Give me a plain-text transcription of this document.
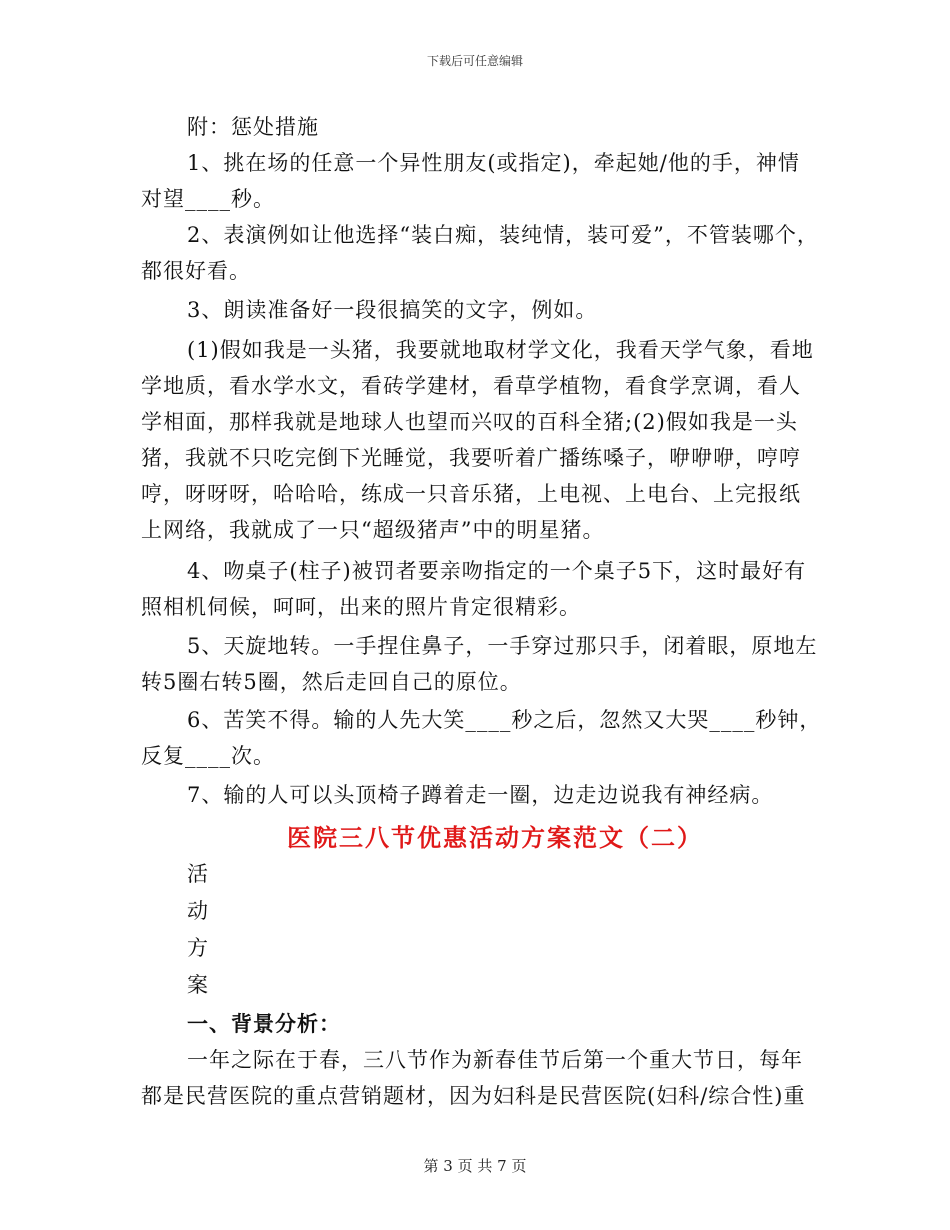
下载后可任意编辑

附：惩处措施

1、挑在场的任意一个异性朋友(或指定)，牵起她/他的手，神情

对望____秒。

2、表演例如让他选择“装白痴，装纯情，装可爱”，不管装哪个，

都很好看。

3、朗读准备好一段很搞笑的文字，例如。

(1)假如我是一头猪，我要就地取材学文化，我看天学气象，看地

学地质，看水学水文，看砖学建材，看草学植物，看食学烹调，看人

学相面，那样我就是地球人也望而兴叹的百科全猪;(2)假如我是一头

猪，我就不只吃完倒下光睡觉，我要听着广播练嗓子，咿咿咿，哼哼

哼，呀呀呀，哈哈哈，练成一只音乐猪，上电视、上电台、上完报纸

上网络，我就成了一只“超级猪声”中的明星猪。

4、吻桌子(柱子)被罚者要亲吻指定的一个桌子5下，这时最好有

照相机伺候，呵呵，出来的照片肯定很精彩。

5、天旋地转。一手捏住鼻子，一手穿过那只手，闭着眼，原地左

转5圈右转5圈，然后走回自己的原位。

6、苦笑不得。输的人先大笑____秒之后，忽然又大哭____秒钟，

反复____次。

7、输的人可以头顶椅子蹲着走一圈，边走边说我有神经病。

医院三八节优惠活动方案范文（二）

活

动

方

案

一、背景分析：

一年之际在于春，三八节作为新春佳节后第一个重大节日，每年

都是民营医院的重点营销题材，因为妇科是民营医院(妇科/综合性)重

第 3 页 共 7 页
